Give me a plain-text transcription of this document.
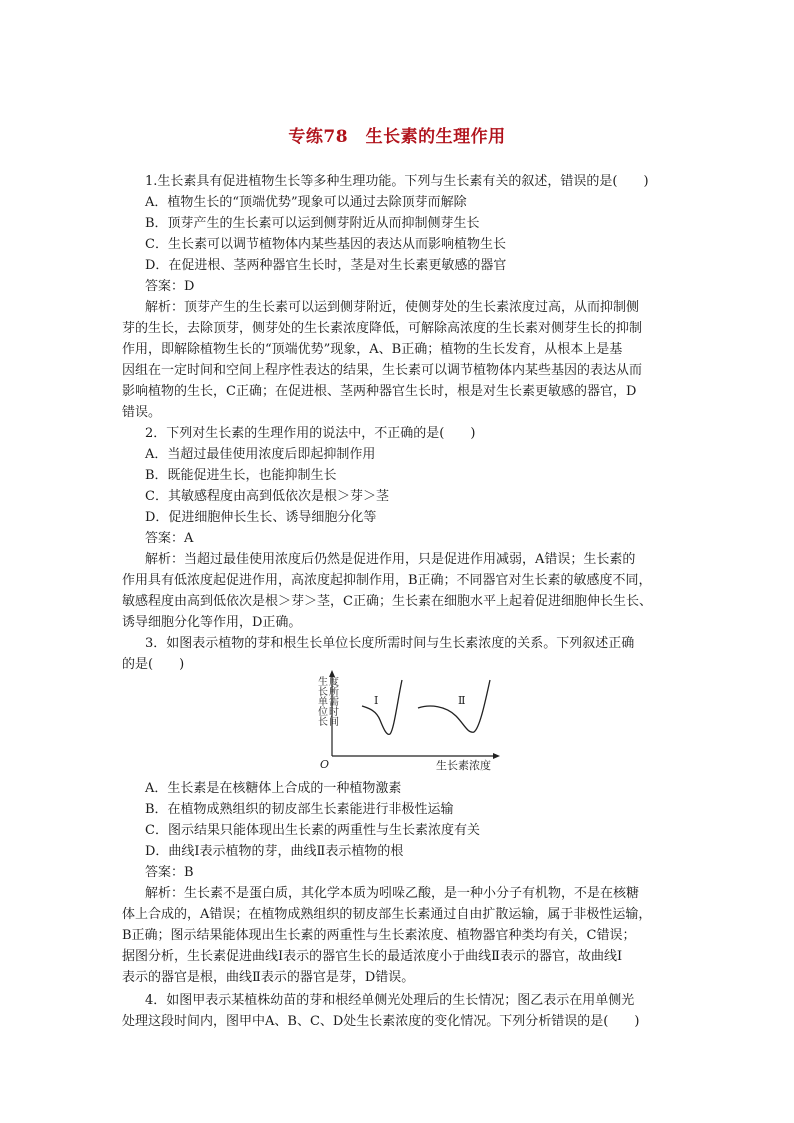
专练78　生长素的生理作用
1.生长素具有促进植物生长等多种生理功能。下列与生长素有关的叙述，错误的是(　　)
A．植物生长的“顶端优势”现象可以通过去除顶芽而解除
B．顶芽产生的生长素可以运到侧芽附近从而抑制侧芽生长
C．生长素可以调节植物体内某些基因的表达从而影响植物生长
D．在促进根、茎两种器官生长时，茎是对生长素更敏感的器官
答案：D
解析：顶芽产生的生长素可以运到侧芽附近，使侧芽处的生长素浓度过高，从而抑制侧
芽的生长，去除顶芽，侧芽处的生长素浓度降低，可解除高浓度的生长素对侧芽生长的抑制
作用，即解除植物生长的“顶端优势”现象，A、B正确；植物的生长发育，从根本上是基
因组在一定时间和空间上程序性表达的结果，生长素可以调节植物体内某些基因的表达从而
影响植物的生长，C正确；在促进根、茎两种器官生长时，根是对生长素更敏感的器官，D
错误。
2．下列对生长素的生理作用的说法中，不正确的是(　　)
A．当超过最佳使用浓度后即起抑制作用
B．既能促进生长，也能抑制生长
C．其敏感程度由高到低依次是根＞芽＞茎
D．促进细胞伸长生长、诱导细胞分化等
答案：A
解析：当超过最佳使用浓度后仍然是促进作用，只是促进作用减弱，A错误；生长素的
作用具有低浓度起促进作用，高浓度起抑制作用，B正确；不同器官对生长素的敏感度不同，
敏感程度由高到低依次是根＞芽＞茎，C正确；生长素在细胞水平上起着促进细胞伸长生长、
诱导细胞分化等作用，D正确。
3．如图表示植物的芽和根生长单位长度所需时间与生长素浓度的关系。下列叙述正确
的是(　　)
生长单位长 度所需时间
O	生长素浓度
Ⅰ	Ⅱ
A．生长素是在核糖体上合成的一种植物激素
B．在植物成熟组织的韧皮部生长素能进行非极性运输
C．图示结果只能体现出生长素的两重性与生长素浓度有关
D．曲线Ⅰ表示植物的芽，曲线Ⅱ表示植物的根
答案：B
解析：生长素不是蛋白质，其化学本质为吲哚乙酸，是一种小分子有机物，不是在核糖
体上合成的，A错误；在植物成熟组织的韧皮部生长素通过自由扩散运输，属于非极性运输，
B正确；图示结果能体现出生长素的两重性与生长素浓度、植物器官种类均有关，C错误；
据图分析，生长素促进曲线Ⅰ表示的器官生长的最适浓度小于曲线Ⅱ表示的器官，故曲线Ⅰ
表示的器官是根，曲线Ⅱ表示的器官是芽，D错误。
4．如图甲表示某植株幼苗的芽和根经单侧光处理后的生长情况；图乙表示在用单侧光
处理这段时间内，图甲中A、B、C、D处生长素浓度的变化情况。下列分析错误的是(　　)
